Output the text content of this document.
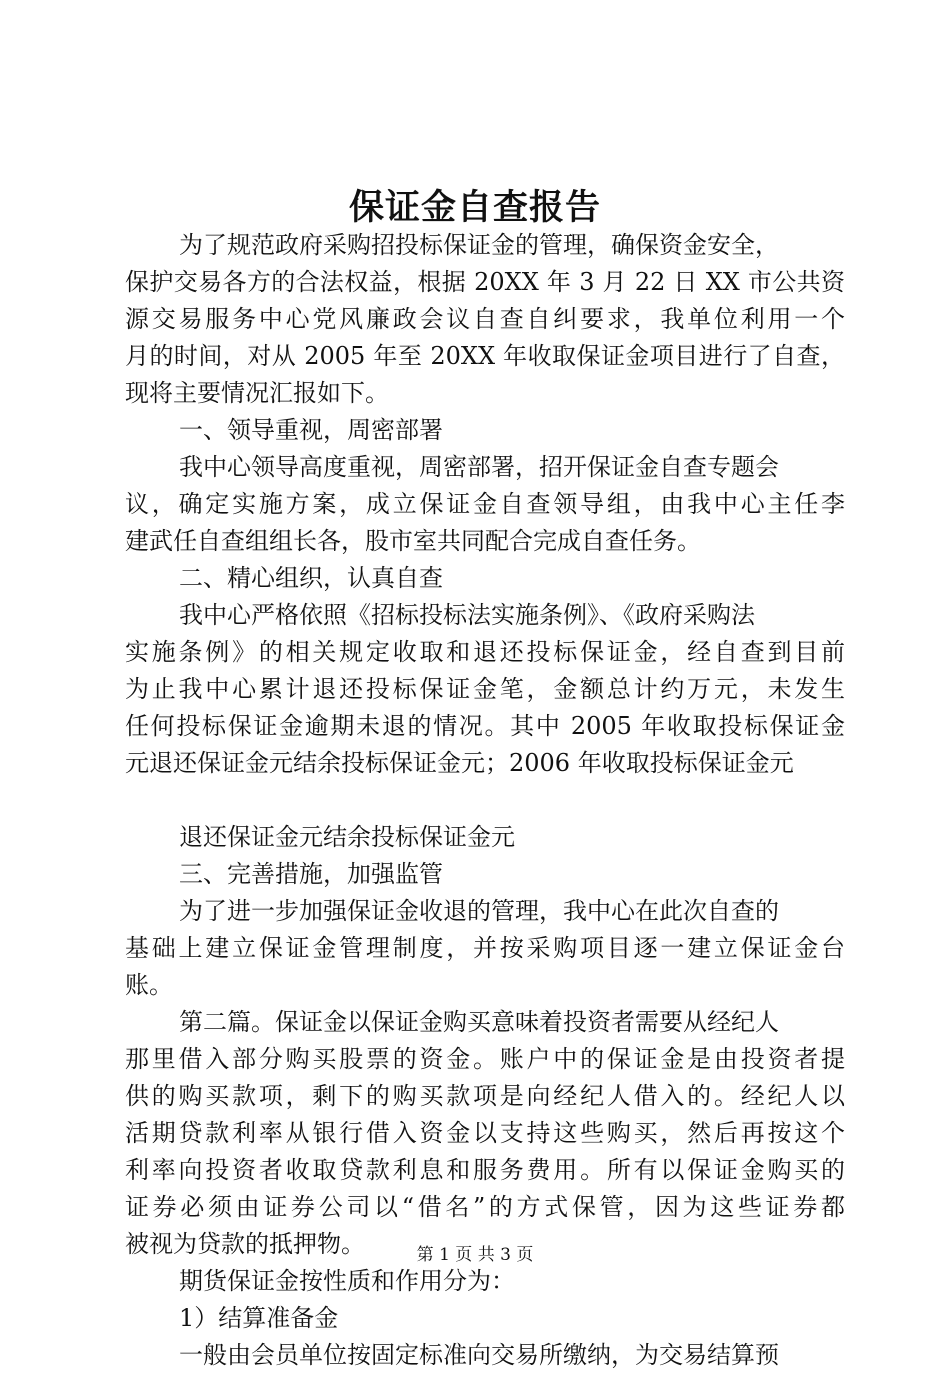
保证金自查报告
为了规范政府采购招投标保证金的管理，确保资金安全，
保护交易各方的合法权益，根据 20XX 年 3 月 22 日 XX 市公共资
源交易服务中心党风廉政会议自查自纠要求，我单位利用一个
月的时间，对从 2005 年至 20XX 年收取保证金项目进行了自查，
现将主要情况汇报如下。
一、领导重视，周密部署
我中心领导高度重视，周密部署，招开保证金自查专题会
议，确定实施方案，成立保证金自查领导组，由我中心主任李
建武任自查组组长各，股市室共同配合完成自查任务。
二、精心组织，认真自查
我中心严格依照《招标投标法实施条例》、《政府采购法
实施条例》的相关规定收取和退还投标保证金，经自查到目前
为止我中心累计退还投标保证金笔，金额总计约万元，未发生
任何投标保证金逾期未退的情况。其中 2005 年收取投标保证金
元退还保证金元结余投标保证金元；2006 年收取投标保证金元
退还保证金元结余投标保证金元
三、完善措施，加强监管
为了进一步加强保证金收退的管理，我中心在此次自查的
基础上建立保证金管理制度，并按采购项目逐一建立保证金台
账。
第二篇。保证金以保证金购买意味着投资者需要从经纪人
那里借入部分购买股票的资金。账户中的保证金是由投资者提
供的购买款项，剩下的购买款项是向经纪人借入的。经纪人以
活期贷款利率从银行借入资金以支持这些购买，然后再按这个
利率向投资者收取贷款利息和服务费用。所有以保证金购买的
证券必须由证券公司以“借名”的方式保管，因为这些证券都
被视为贷款的抵押物。
期货保证金按性质和作用分为：
1）结算准备金
一般由会员单位按固定标准向交易所缴纳，为交易结算预
第 1 页 共 3 页
